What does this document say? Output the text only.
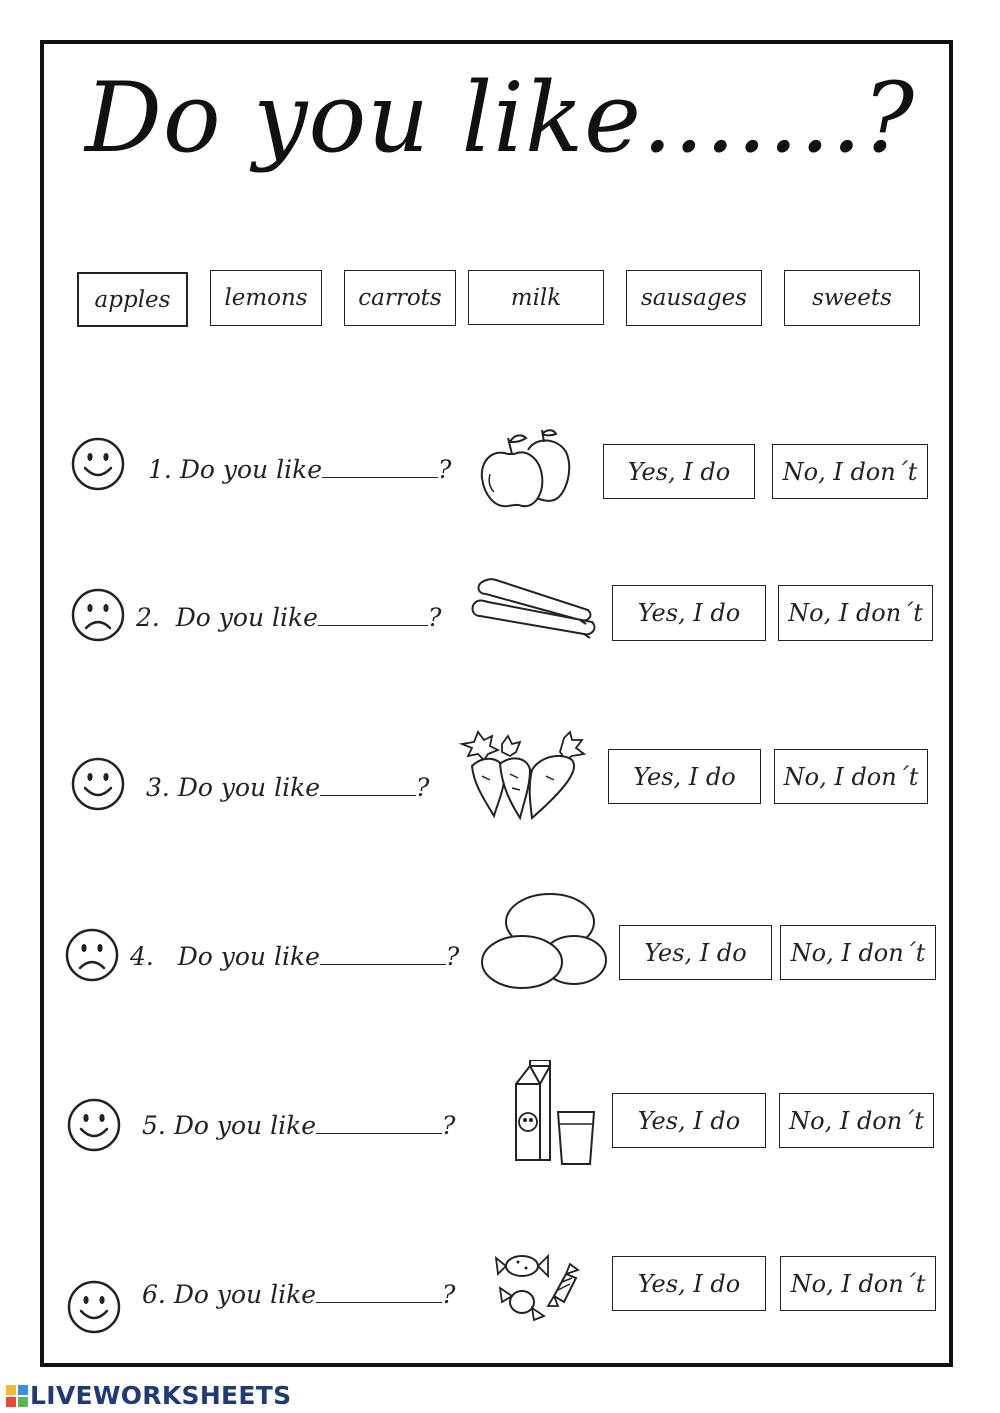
Do you like.......?
apples	lemons	carrots	milk	sausages	sweets
1. Do you like	?	Yes, I do	No, I don´t
2. Do you like	?	Yes, I do	No, I don´t
3. Do you like	?	Yes, I do	No, I don´t
4. Do you like	?	Yes, I do	No, I don´t
5. Do you like	?	Yes, I do	No, I don´t
6. Do you like	?	Yes, I do	No, I don´t
LIVEWORKSHEETS
